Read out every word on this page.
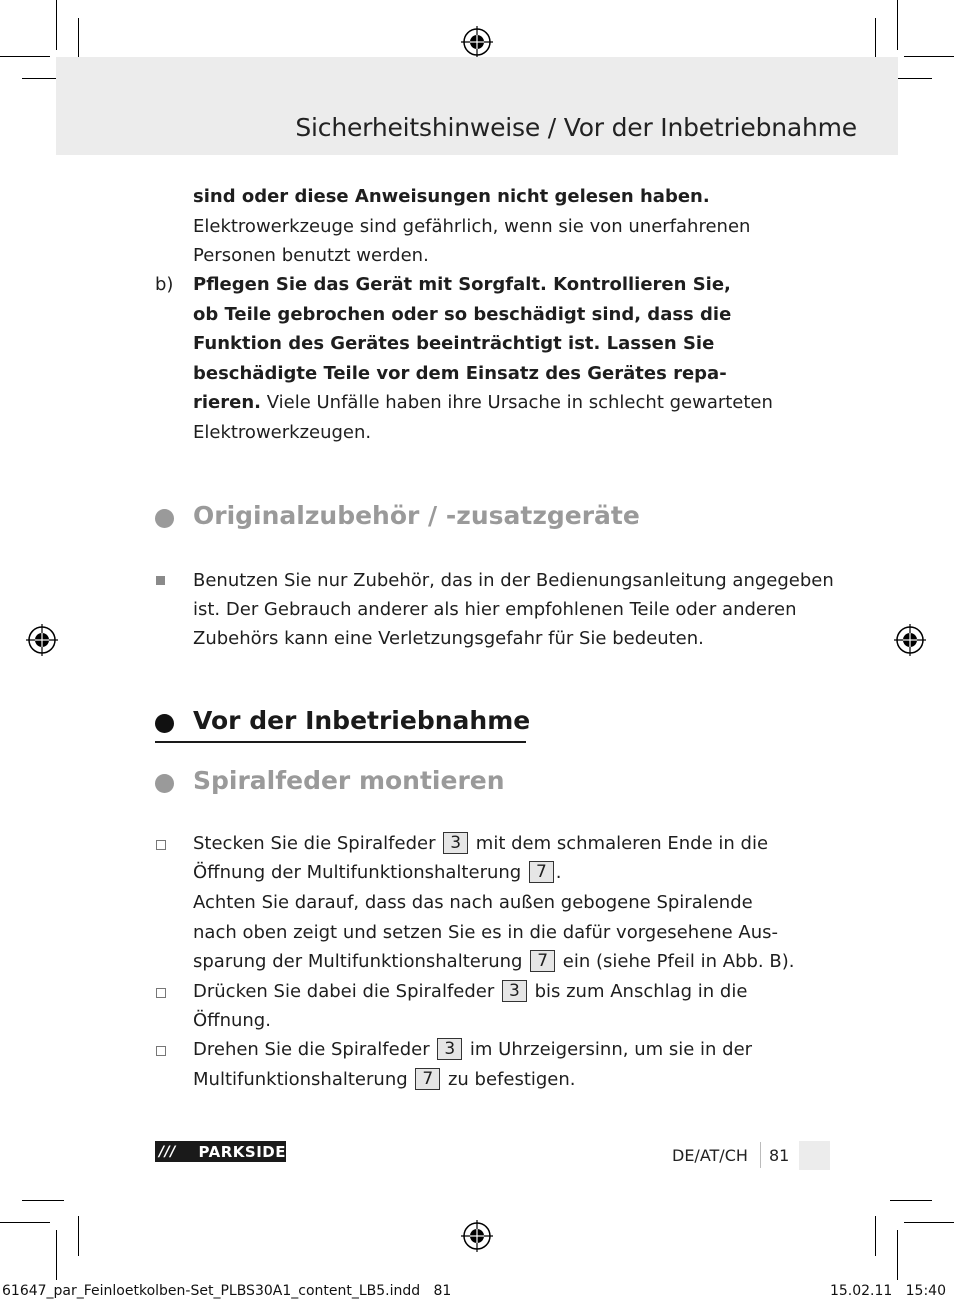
Sicherheitshinweise / Vor der Inbetriebnahme
sind oder diese Anweisungen nicht gelesen haben.
Elektrowerkzeuge sind gefährlich, wenn sie von unerfahrenen
Personen benutzt werden.
b) Pflegen Sie das Gerät mit Sorgfalt. Kontrollieren Sie,
ob Teile gebrochen oder so beschädigt sind, dass die
Funktion des Gerätes beeinträchtigt ist. Lassen Sie
beschädigte Teile vor dem Einsatz des Gerätes repa-
rieren. Viele Unfälle haben ihre Ursache in schlecht gewarteten
Elektrowerkzeugen.
Originalzubehör / -zusatzgeräte
Benutzen Sie nur Zubehör, das in der Bedienungsanleitung angegeben
ist. Der Gebrauch anderer als hier empfohlenen Teile oder anderen
Zubehörs kann eine Verletzungsgefahr für Sie bedeuten.
Vor der Inbetriebnahme
Spiralfeder montieren
Stecken Sie die Spiralfeder 3 mit dem schmaleren Ende in die
Öffnung der Multifunktionshalterung 7 .
Achten Sie darauf, dass das nach außen gebogene Spiralende
nach oben zeigt und setzen Sie es in die dafür vorgesehene Aus-
sparung der Multifunktionshalterung 7 ein (siehe Pfeil in Abb. B).
Drücken Sie dabei die Spiralfeder 3 bis zum Anschlag in die
Öffnung.
Drehen Sie die Spiralfeder 3 im Uhrzeigersinn, um sie in der
Multifunktionshalterung 7 zu befestigen.
///	PARKSIDE	DE/AT/CH 81
61647_par_Feinloetkolben-Set_PLBS30A1_content_LB5.indd   81	15.02.11   15:40
